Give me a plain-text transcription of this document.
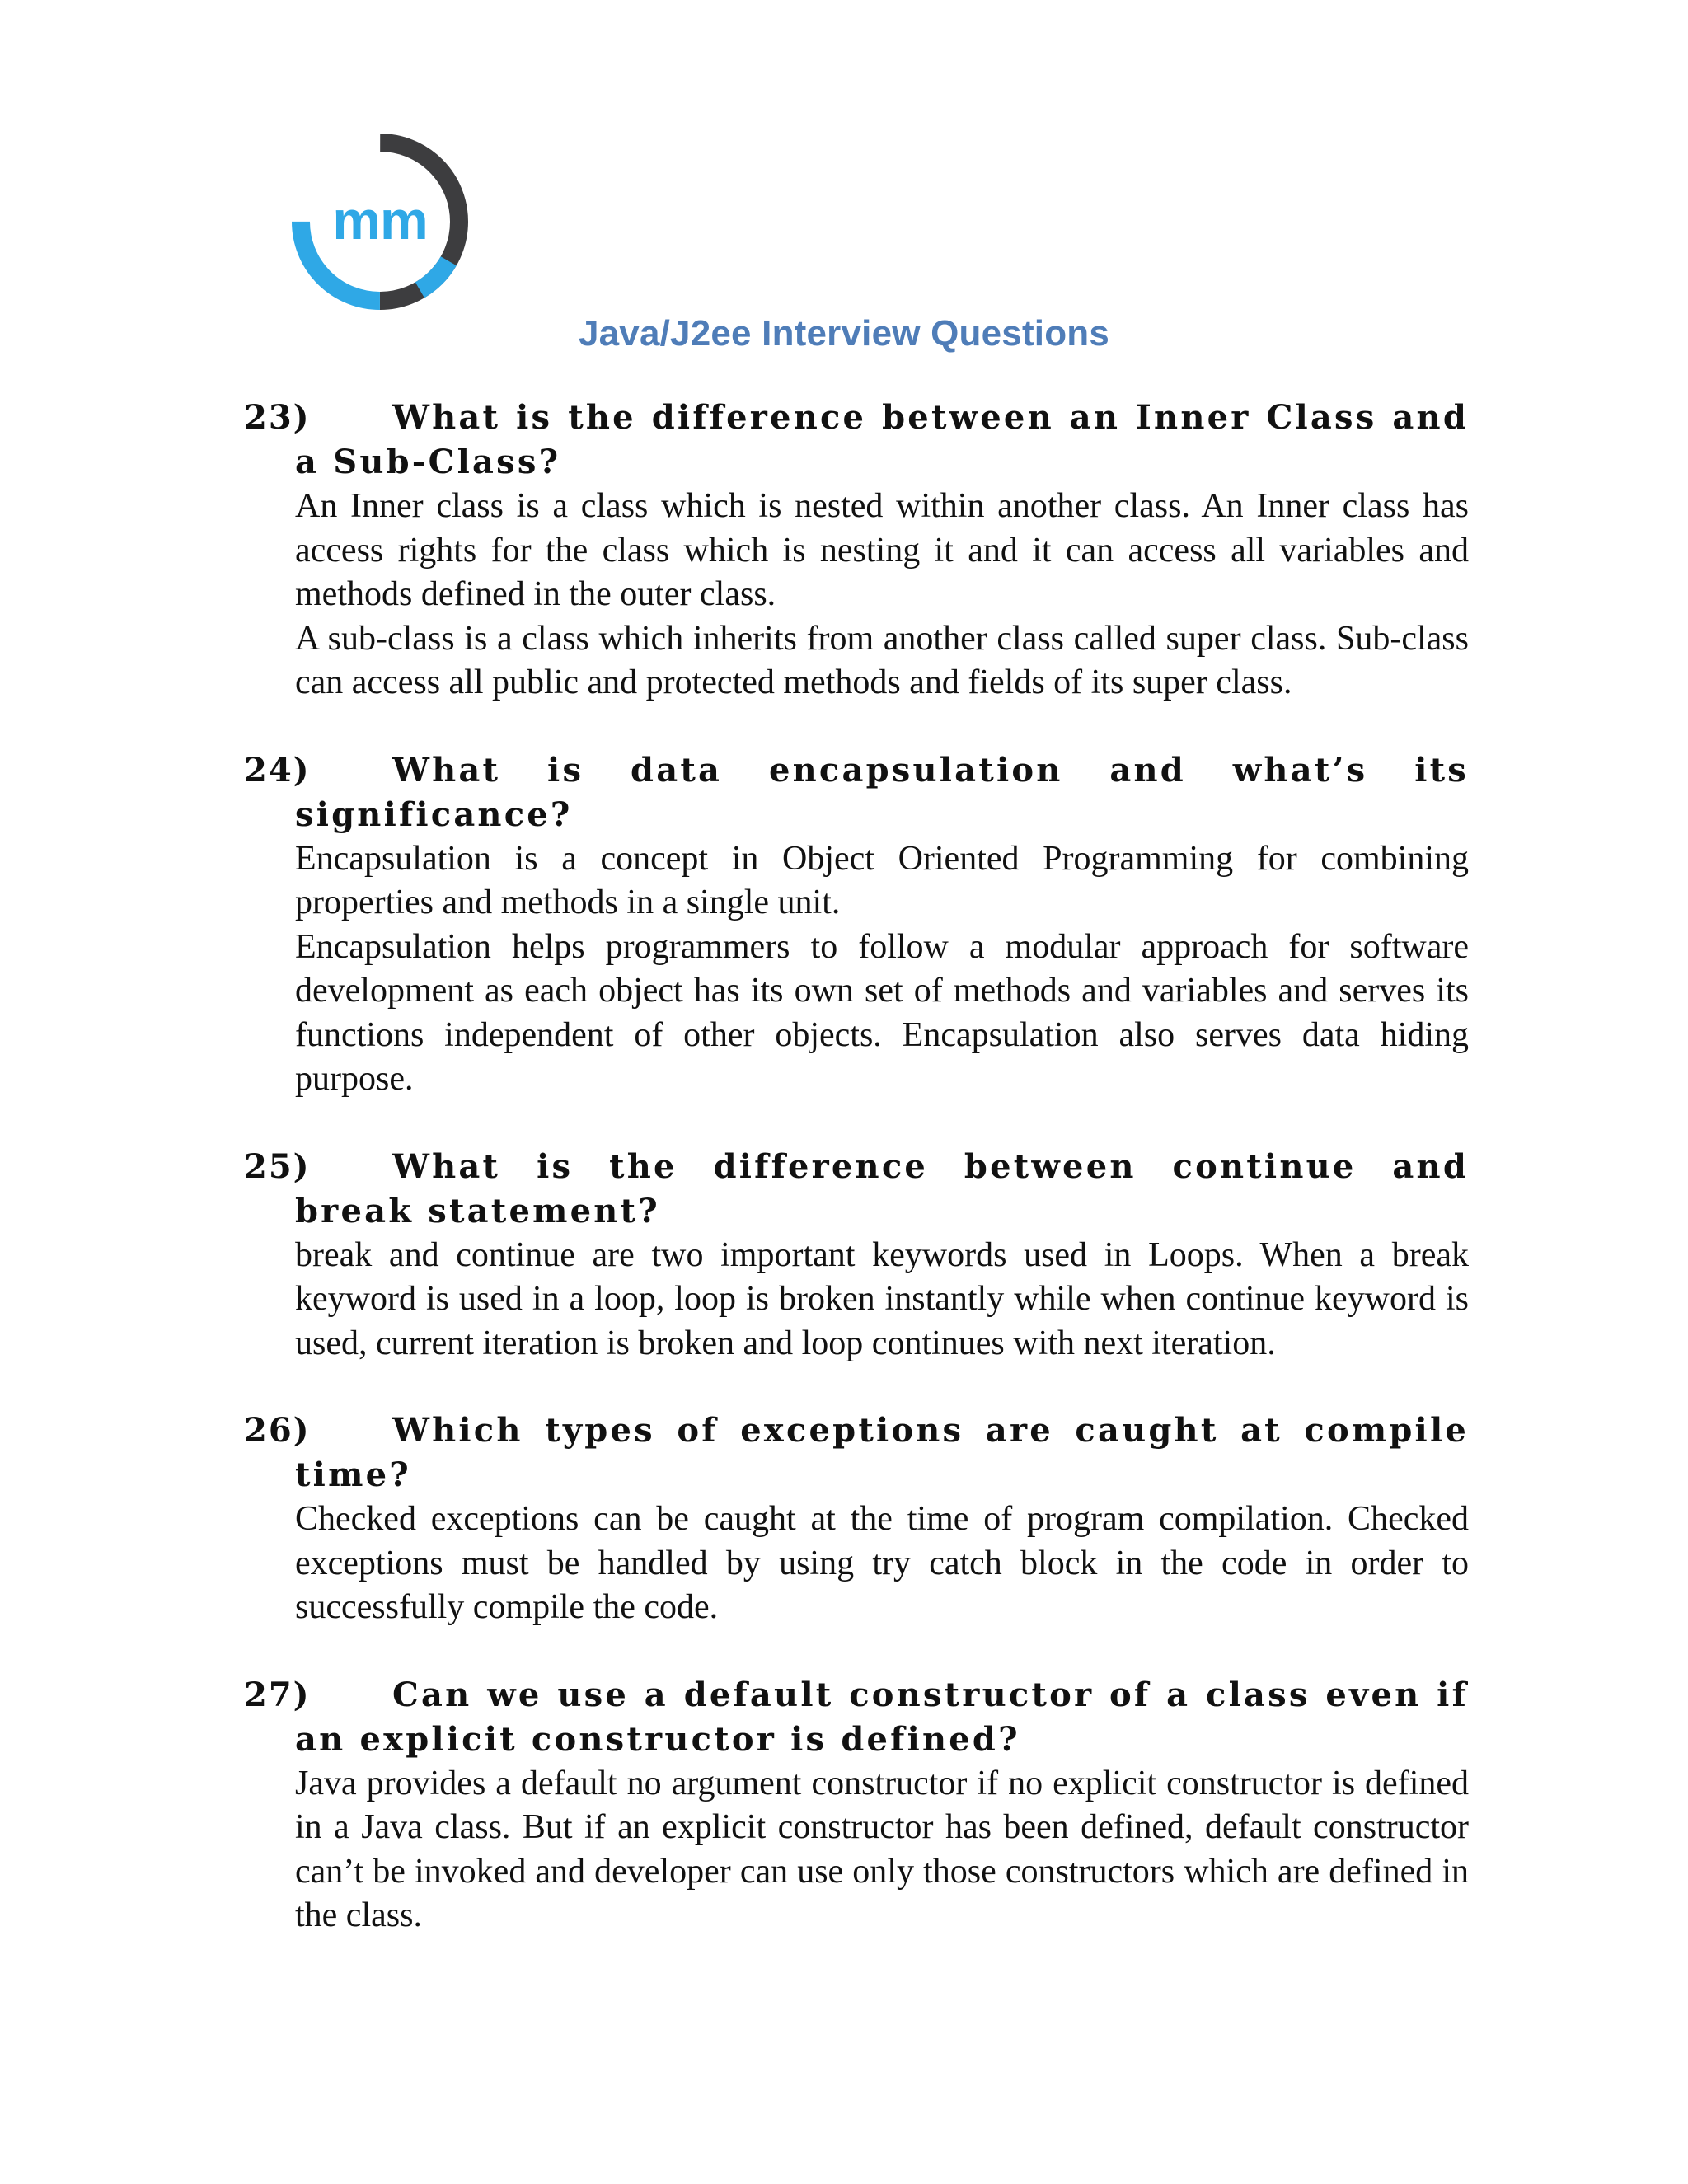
mm
Java/J2ee Interview Questions
23) What is the difference between an Inner Class and a Sub-Class?

An Inner class is a class which is nested within another class. An Inner class has access rights for the class which is nesting it and it can access all variables and methods defined in the outer class.

A sub-class is a class which inherits from another class called super class. Sub-class can access all public and protected methods and fields of its super class.

24) What is data encapsulation and what’s its significance?

Encapsulation is a concept in Object Oriented Programming for combining properties and methods in a single unit.

Encapsulation helps programmers to follow a modular approach for software development as each object has its own set of methods and variables and serves its functions independent of other objects. Encapsulation also serves data hiding purpose.

25) What is the difference between continue and break statement?

break and continue are two important keywords used in Loops. When a break keyword is used in a loop, loop is broken instantly while when continue keyword is used, current iteration is broken and loop continues with next iteration.

26) Which types of exceptions are caught at compile time?

Checked exceptions can be caught at the time of program compilation. Checked exceptions must be handled by using try catch block in the code in order to successfully compile the code.

27) Can we use a default constructor of a class even if an explicit constructor is defined?

Java provides a default no argument constructor if no explicit constructor is defined in a Java class. But if an explicit constructor has been defined, default constructor can’t be invoked and developer can use only those constructors which are defined in the class.
